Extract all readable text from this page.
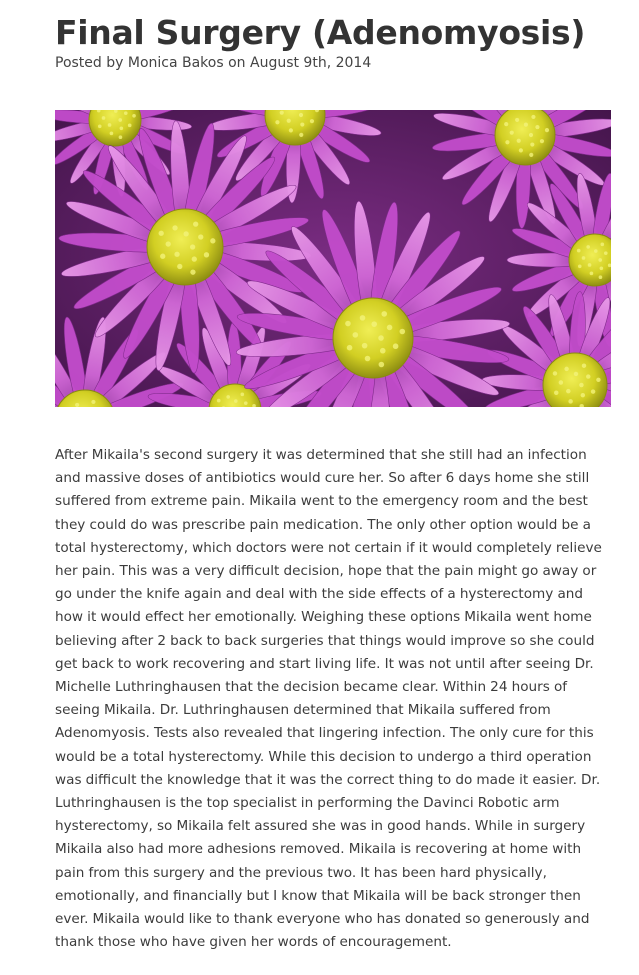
Final Surgery (Adenomyosis)
Posted by Monica Bakos on August 9th, 2014

After Mikaila's second surgery it was determined that she still had an infection and massive doses of antibiotics would cure her. So after 6 days home she still suffered from extreme pain. Mikaila went to the emergency room and the best they could do was prescribe pain medication. The only other option would be a total hysterectomy, which doctors were not certain if it would completely relieve her pain. This was a very difficult decision, hope that the pain might go away or go under the knife again and deal with the side effects of a hysterectomy and how it would effect her emotionally. Weighing these options Mikaila went home believing after 2 back to back surgeries that things would improve so she could get back to work recovering and start living life. It was not until after seeing Dr. Michelle Luthringhausen that the decision became clear. Within 24 hours of seeing Mikaila. Dr. Luthringhausen determined that Mikaila suffered from Adenomyosis. Tests also revealed that lingering infection. The only cure for this would be a total hysterectomy. While this decision to undergo a third operation was difficult the knowledge that it was the correct thing to do made it easier. Dr. Luthringhausen is the top specialist in performing the Davinci Robotic arm hysterectomy, so Mikaila felt assured she was in good hands. While in surgery Mikaila also had more adhesions removed. Mikaila is recovering at home with pain from this surgery and the previous two. It has been hard physically, emotionally, and financially but I know that Mikaila will be back stronger then ever. Mikaila would like to thank everyone who has donated so generously and thank those who have given her words of encouragement.
